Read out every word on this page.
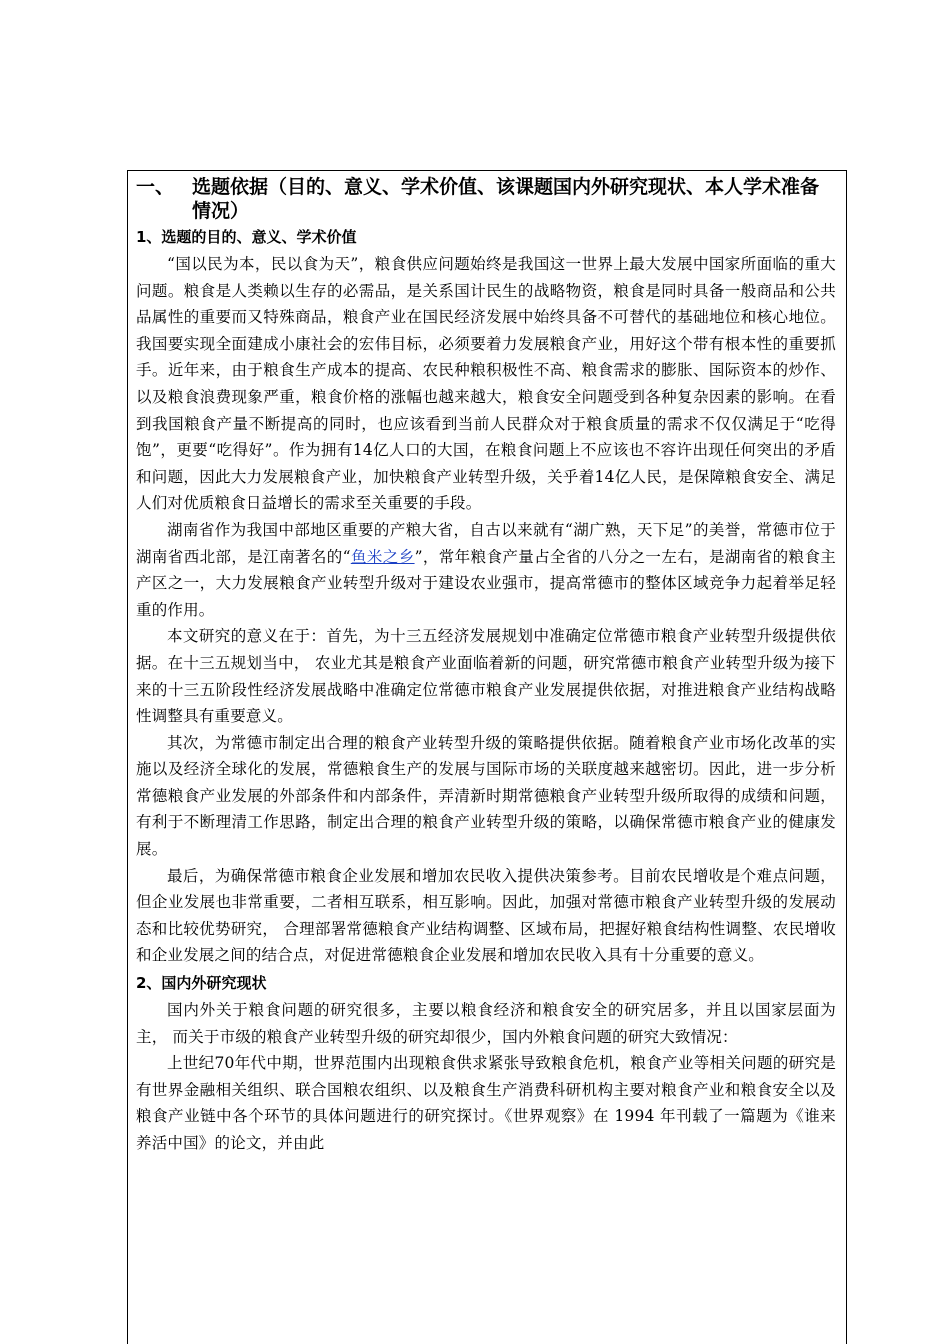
一、 选题依据（目的、意义、学术价值、该课题国内外研究现状、本人学术准备情况）
1、选题的目的、意义、学术价值

“国以民为本，民以食为天”，粮食供应问题始终是我国这一世界上最大发展中国家所面临的重大问题。粮食是人类赖以生存的必需品，是关系国计民生的战略物资，粮食是同时具备一般商品和公共品属性的重要而又特殊商品，粮食产业在国民经济发展中始终具备不可替代的基础地位和核心地位。我国要实现全面建成小康社会的宏伟目标，必须要着力发展粮食产业，用好这个带有根本性的重要抓手。近年来，由于粮食生产成本的提高、农民种粮积极性不高、粮食需求的膨胀、国际资本的炒作、以及粮食浪费现象严重，粮食价格的涨幅也越来越大，粮食安全问题受到各种复杂因素的影响。在看到我国粮食产量不断提高的同时，也应该看到当前人民群众对于粮食质量的需求不仅仅满足于“吃得饱”，更要“吃得好”。作为拥有14亿人口的大国，在粮食问题上不应该也不容许出现任何突出的矛盾和问题，因此大力发展粮食产业，加快粮食产业转型升级，关乎着14亿人民，是保障粮食安全、满足人们对优质粮食日益增长的需求至关重要的手段。

湖南省作为我国中部地区重要的产粮大省，自古以来就有“湖广熟，天下足”的美誉，常德市位于湖南省西北部，是江南著名的“鱼米之乡”，常年粮食产量占全省的八分之一左右，是湖南省的粮食主产区之一，大力发展粮食产业转型升级对于建设农业强市，提高常德市的整体区域竞争力起着举足轻重的作用。

本文研究的意义在于：首先，为十三五经济发展规划中准确定位常德市粮食产业转型升级提供依据。在十三五规划当中， 农业尤其是粮食产业面临着新的问题，研究常德市粮食产业转型升级为接下来的十三五阶段性经济发展战略中准确定位常德市粮食产业发展提供依据，对推进粮食产业结构战略性调整具有重要意义。

其次，为常德市制定出合理的粮食产业转型升级的策略提供依据。随着粮食产业市场化改革的实施以及经济全球化的发展，常德粮食生产的发展与国际市场的关联度越来越密切。因此，进一步分析常德粮食产业发展的外部条件和内部条件，弄清新时期常德粮食产业转型升级所取得的成绩和问题，有利于不断理清工作思路，制定出合理的粮食产业转型升级的策略，以确保常德市粮食产业的健康发展。

最后，为确保常德市粮食企业发展和增加农民收入提供决策参考。目前农民增收是个难点问题，但企业发展也非常重要，二者相互联系，相互影响。因此，加强对常德市粮食产业转型升级的发展动态和比较优势研究， 合理部署常德粮食产业结构调整、区域布局，把握好粮食结构性调整、农民增收和企业发展之间的结合点，对促进常德粮食企业发展和增加农民收入具有十分重要的意义。

2、国内外研究现状

国内外关于粮食问题的研究很多，主要以粮食经济和粮食安全的研究居多，并且以国家层面为主， 而关于市级的粮食产业转型升级的研究却很少，国内外粮食问题的研究大致情况：

上世纪70年代中期，世界范围内出现粮食供求紧张导致粮食危机，粮食产业等相关问题的研究是有世界金融相关组织、联合国粮农组织、以及粮食生产消费科研机构主要对粮食产业和粮食安全以及粮食产业链中各个环节的具体问题进行的研究探讨。《世界观察》在 1994 年刊载了一篇题为《谁来养活中国》的论文，并由此
